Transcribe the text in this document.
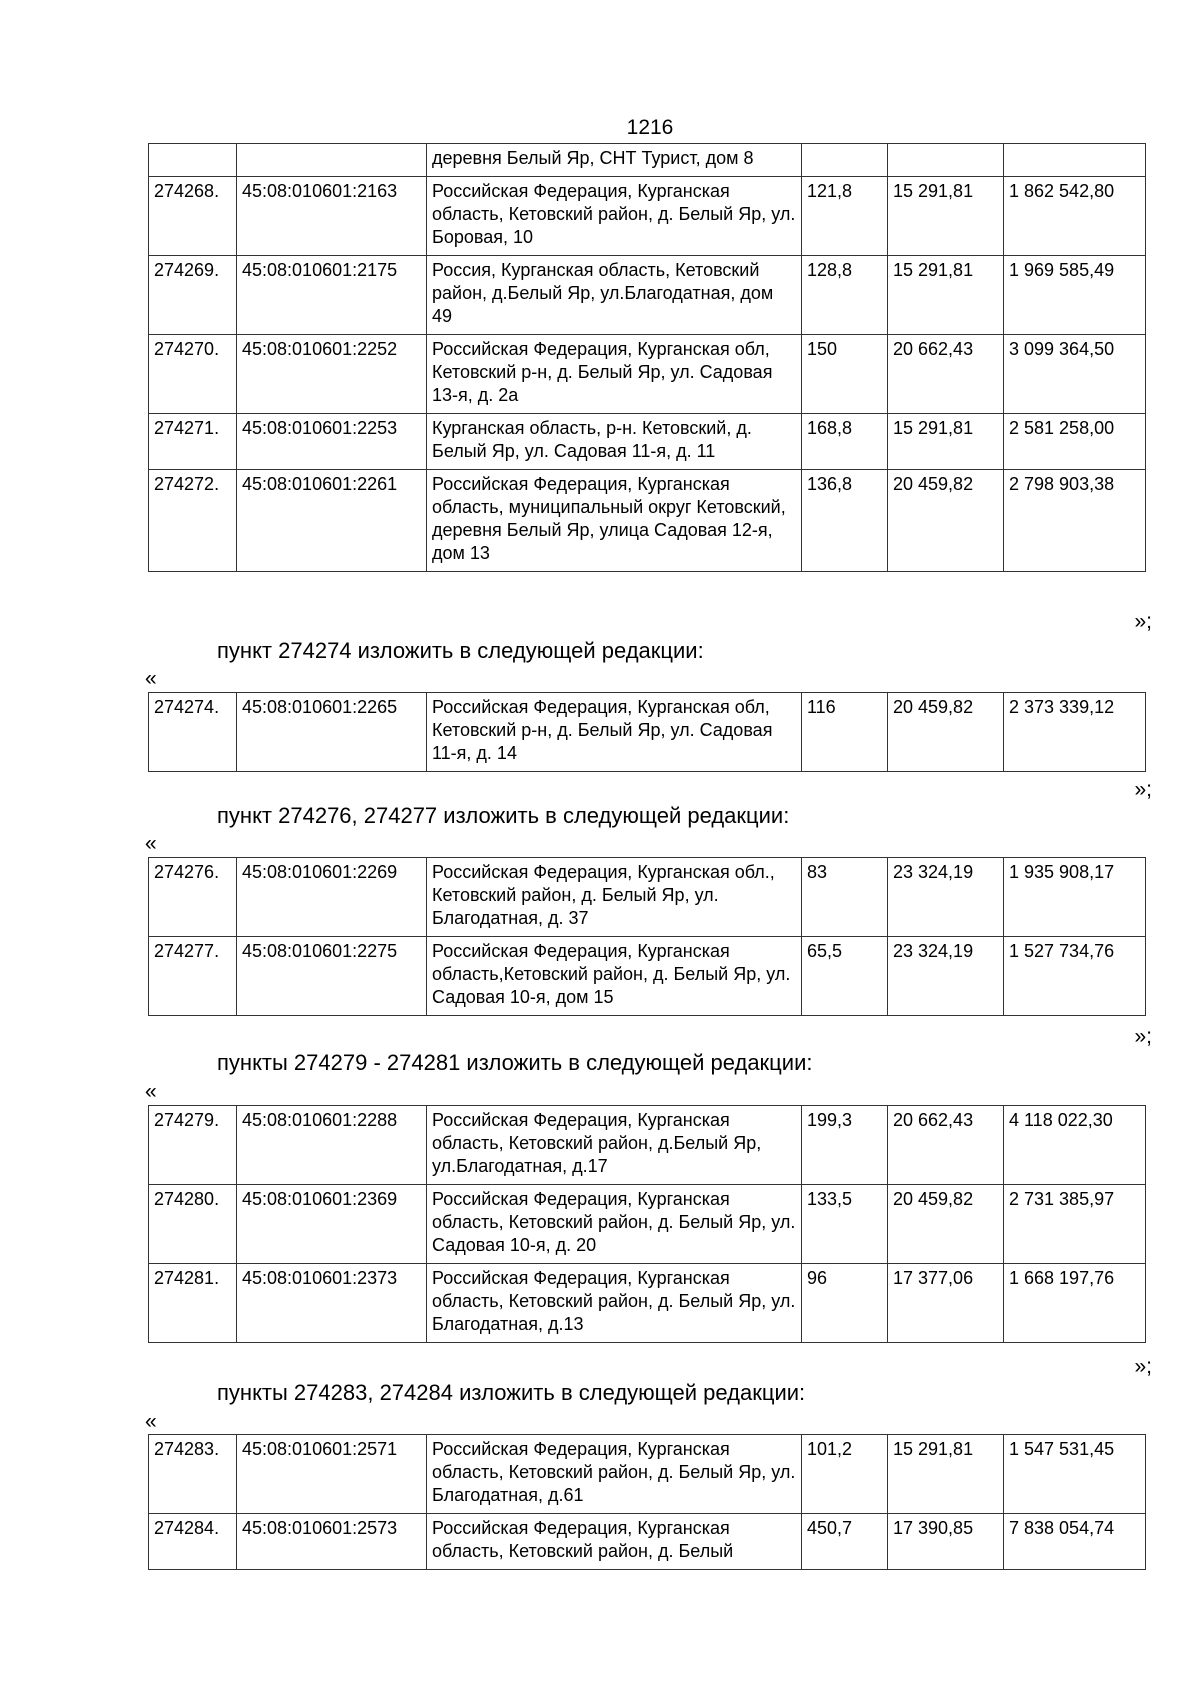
1216
		деревня Белый Яр, СНТ Турист, дом 8			
274268.	45:08:010601:2163	Российская Федерация, Курганская область, Кетовский район, д. Белый Яр, ул. Боровая, 10	121,8	15 291,81	1 862 542,80
274269.	45:08:010601:2175	Россия, Курганская область, Кетовский район, д.Белый Яр, ул.Благодатная, дом 49	128,8	15 291,81	1 969 585,49
274270.	45:08:010601:2252	Российская Федерация, Курганская обл, Кетовский р-н, д. Белый Яр, ул. Садовая 13-я, д. 2а	150	20 662,43	3 099 364,50
274271.	45:08:010601:2253	Курганская область, р-н. Кетовский, д. Белый Яр, ул. Садовая 11-я, д. 11	168,8	15 291,81	2 581 258,00
274272.	45:08:010601:2261	Российская Федерация, Курганская область, муниципальный округ Кетовский, деревня Белый Яр, улица Садовая 12-я, дом 13	136,8	20 459,82	2 798 903,38
»;
пункт 274274 изложить в следующей редакции:
«
274274.	45:08:010601:2265	Российская Федерация, Курганская обл, Кетовский р-н, д. Белый Яр, ул. Садовая 11-я, д. 14	116	20 459,82	2 373 339,12
»;
пункт 274276, 274277 изложить в следующей редакции:
«
274276.	45:08:010601:2269	Российская Федерация, Курганская обл., Кетовский район, д. Белый Яр, ул. Благодатная, д. 37	83	23 324,19	1 935 908,17
274277.	45:08:010601:2275	Российская Федерация, Курганская область,Кетовский район, д. Белый Яр, ул. Садовая 10-я, дом 15	65,5	23 324,19	1 527 734,76
»;
пункты 274279 - 274281 изложить в следующей редакции:
«
274279.	45:08:010601:2288	Российская Федерация, Курганская область, Кетовский район, д.Белый Яр, ул.Благодатная, д.17	199,3	20 662,43	4 118 022,30
274280.	45:08:010601:2369	Российская Федерация, Курганская область, Кетовский район, д. Белый Яр, ул. Садовая 10-я, д. 20	133,5	20 459,82	2 731 385,97
274281.	45:08:010601:2373	Российская Федерация, Курганская область, Кетовский район, д. Белый Яр, ул. Благодатная, д.13	96	17 377,06	1 668 197,76
»;
пункты 274283, 274284 изложить в следующей редакции:
«
274283.	45:08:010601:2571	Российская Федерация, Курганская область, Кетовский район, д. Белый Яр, ул. Благодатная, д.61	101,2	15 291,81	1 547 531,45
274284.	45:08:010601:2573	Российская Федерация, Курганская область, Кетовский район, д. Белый	450,7	17 390,85	7 838 054,74
